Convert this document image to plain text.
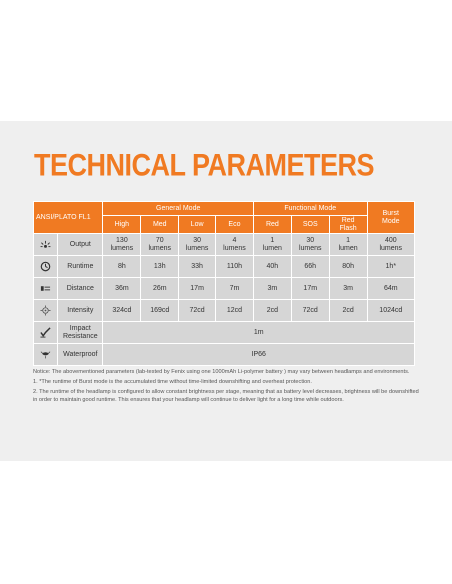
TECHNICAL PARAMETERS
ANSI/PLATO FL1		General Mode				Functional Mode			Burst Mode
		High	Med	Low	Eco	Red	SOS	Red Flash	
	Output	130 lumens	70 lumens	30 lumens	4 lumens	1 lumen	30 lumens	1 lumen	400 lumens
	Runtime	8h	13h	33h	110h	40h	66h	80h	1h*
	Distance	36m	26m	17m	7m	3m	17m	3m	64m
	Intensity	324cd	169cd	72cd	12cd	2cd	72cd	2cd	1024cd
	Impact Resistance	1m							
	Waterproof	IP66							

Notice: The abovementioned parameters (lab-tested by Fenix using one 1000mAh Li-polymer battery ) may vary between headlamps and environments.

1. *The runtime of Burst mode is the accumulated time without time-limited downshifting and overheat protection.

2. The runtime of the headlamp is configured to allow constant brightness per stage, meaning that as battery level decreases, brightness will be downshifted in order to maintain good runtime. This ensures that your headlamp will continue to deliver light for a long time while outdoors.
